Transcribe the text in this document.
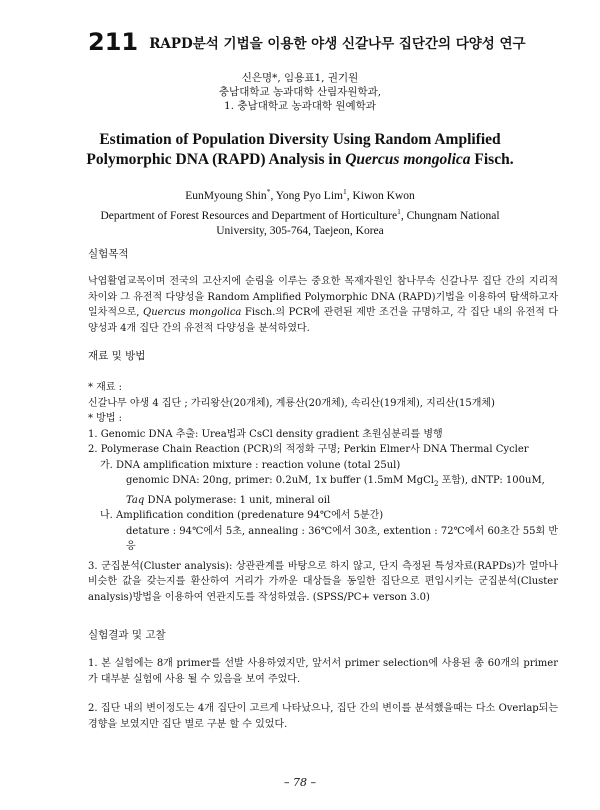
211 RAPD분석 기법을 이용한 야생 신갈나무 집단간의 다양성 연구
신은명*, 임용표1, 권기원
충남대학교 농과대학 산림자원학과,
1. 충남대학교 농과대학 원예학과
Estimation of Population Diversity Using Random Amplified
Polymorphic DNA (RAPD) Analysis in Quercus mongolica Fisch.
EunMyoung Shin*, Yong Pyo Lim$^1$, Kiwon Kwon
Department of Forest Resources and Department of Horticulture$^1$, Chungnam National
University, 305-764, Taejeon, Korea
실험목적
낙엽활엽교목이며 전국의 고산지에 순림을 이루는 중요한 목재자원인 참나무속 신갈나무 집단 간의 지리적 차이와 그 유전적 다양성을 Random Amplified Polymorphic DNA (RAPD)기법을 이용하여 탐색하고자 일차적으로, Quercus mongolica Fisch.의 PCR에 관련된 제반 조건을 규명하고, 각 집단 내의 유전적 다양성과 4개 집단 간의 유전적 다양성을 분석하였다.
재료 및 방법
* 재료 :
신갈나무 야생 4 집단 ; 가리왕산(20개체), 계룡산(20개체), 속리산(19개체), 지리산(15개체)
* 방법 :
1. Genomic DNA 추출: Urea법과 CsCl density gradient 초원심분리를 병행
2. Polymerase Chain Reaction (PCR)의 적정화 구명; Perkin Elmer사 DNA Thermal Cycler
가. DNA amplification mixture : reaction volune (total 25ul)
genomic DNA: 20ng, primer: 0.2uM, 1x buffer (1.5mM MgCl$_2$ 포함), dNTP: 100uM,
Taq DNA polymerase: 1 unit, mineral oil
나. Amplification condition (predenature 94℃에서 5분간)
detature : 94℃에서 5초, annealing : 36℃에서 30초, extention : 72℃에서 60초간 55회 반응
3. 군집분석(Cluster analysis): 상관관계를 바탕으로 하지 않고, 단지 측정된 특성자료(RAPDs)가 얼마나 비슷한 값을 갖는지를 환산하여 거리가 가까운 대상들을 동일한 집단으로 편입시키는 군집분석(Cluster analysis)방법을 이용하여 연관지도를 작성하였음. (SPSS/PC+ verson 3.0)
실험결과 및 고찰
1. 본 실험에는 8개 primer를 선발 사용하였지만, 앞서서 primer selection에 사용된 총 60개의 primer가 대부분 실험에 사용 될 수 있음을 보여 주었다.
2. 집단 내의 변이정도는 4개 집단이 고르게 나타났으나, 집단 간의 변이를 분석했을때는 다소 Overlap되는 경향을 보였지만 집단 별로 구분 할 수 있었다.
– 78 –
